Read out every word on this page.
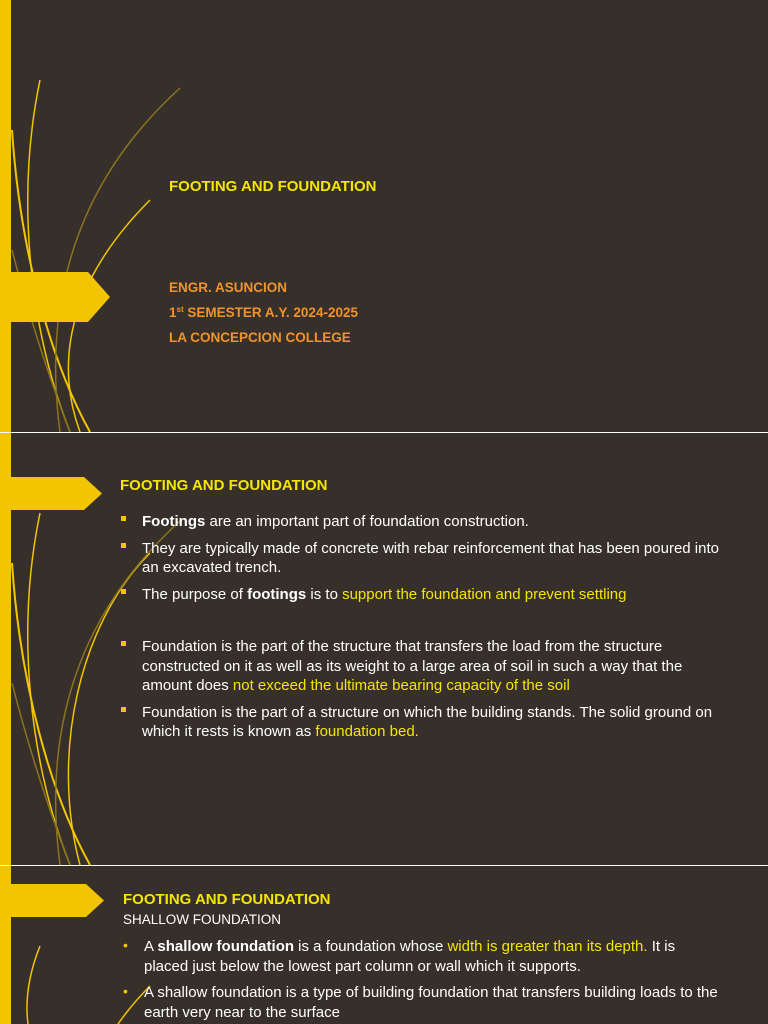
FOOTING AND FOUNDATION
ENGR. ASUNCION
1st SEMESTER A.Y. 2024-2025
LA CONCEPCION COLLEGE
FOOTING AND FOUNDATION
Footings are an important part of foundation construction.
They are typically made of concrete with rebar reinforcement that has been poured into an excavated trench.
The purpose of footings is to support the foundation and prevent settling
Foundation is the part of the structure that transfers the load from the structure constructed on it as well as its weight to a large area of soil in such a way that the amount does not exceed the ultimate bearing capacity of the soil
Foundation is the part of a structure on which the building stands. The solid ground on which it rests is known as foundation bed.
FOOTING AND FOUNDATION
SHALLOW FOUNDATION
• A shallow foundation is a foundation whose width is greater than its depth. It is placed just below the lowest part column or wall which it supports.
• A shallow foundation is a type of building foundation that transfers building loads to the earth very near to the surface
